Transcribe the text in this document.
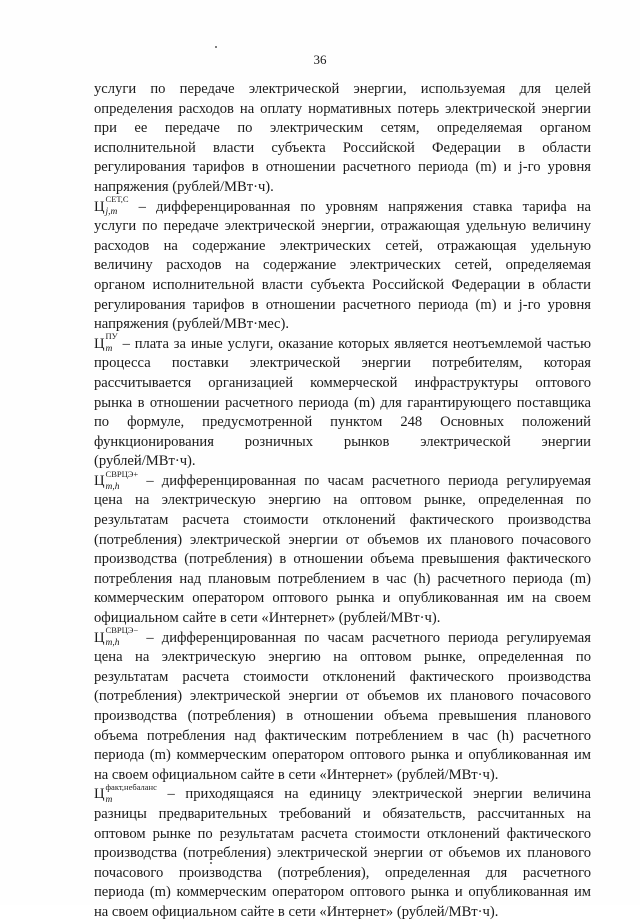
36
услуги по передаче электрической энергии, используемая для целей
определения расходов на оплату нормативных потерь электрической энергии
при ее передаче по электрическим сетям, определяемая органом
исполнительной власти субъекта Российской Федерации в области
регулирования тарифов в отношении расчетного периода (m) и j-го уровня
напряжения (рублей/МВт·ч).
Ц СЕТ,С
j,m – дифференцированная по уровням напряжения ставка тарифа на
услуги по передаче электрической энергии, отражающая удельную величину
расходов на содержание электрических сетей, отражающая удельную
величину расходов на содержание электрических сетей, определяемая
органом исполнительной власти субъекта Российской Федерации в области
регулирования тарифов в отношении расчетного периода (m) и j-го уровня
напряжения (рублей/МВт·мес).
Ц ПУ
m – плата за иные услуги, оказание которых является неотъемлемой частью
процесса поставки электрической энергии потребителям, которая
рассчитывается организацией коммерческой инфраструктуры оптового
рынка в отношении расчетного периода (m) для гарантирующего поставщика
по формуле, предусмотренной пунктом 248 Основных положений
функционирования розничных рынков электрической энергии
(рублей/МВт·ч).
Ц СВРЦЭ+
m,h	– дифференцированная по часам расчетного периода регулируемая
цена на электрическую энергию на оптовом рынке, определенная по
результатам расчета стоимости отклонений фактического производства
(потребления) электрической энергии от объемов их планового почасового
производства (потребления) в отношении объема превышения фактического
потребления над плановым потреблением в час (h) расчетного периода (m)
коммерческим оператором оптового рынка и опубликованная им на своем
официальном сайте в сети «Интернет» (рублей/МВт·ч).
Ц СВРЦЭ−
m,h	– дифференцированная по часам расчетного периода регулируемая
цена на электрическую энергию на оптовом рынке, определенная по
результатам расчета стоимости отклонений фактического производства
(потребления) электрической энергии от объемов их планового почасового
производства (потребления) в отношении объема превышения планового
объема потребления над фактическим потреблением в час (h) расчетного
периода (m) коммерческим оператором оптового рынка и опубликованная им
на своем официальном сайте в сети «Интернет» (рублей/МВт·ч).
Ц факт,небаланс
m	– приходящаяся на единицу электрической энергии величина
разницы предварительных требований и обязательств, рассчитанных на
оптовом рынке по результатам расчета стоимости отклонений фактического
производства (потребления) электрической энергии от объемов их планового
почасового производства (потребления), определенная для расчетного
периода (m) коммерческим оператором оптового рынка и опубликованная им
на своем официальном сайте в сети «Интернет» (рублей/МВт·ч).
